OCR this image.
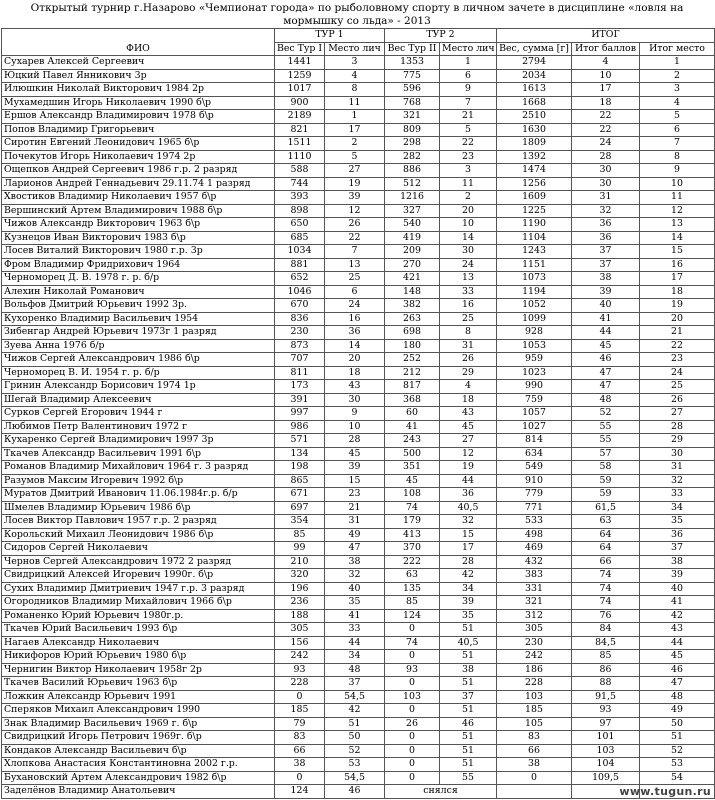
Открытый турнир г.Назарово «Чемпионат города» по рыболовному спорту в личном зачете в дисциплине «ловля на мормышку со льда» - 2013
ФИО	ТУР 1		ТУР 2		ИТОГ		
	Вес Тур I	Место лич	Вес Тур II	Место лич	Вес, сумма [г]	Итог баллов	Итог место
Сухарев Алексей Сергеевич	1441	3	1353	1	2794	4	1
Юцкий Павел Янникович 3р	1259	4	775	6	2034	10	2
Илюшкин Николай Викторович 1984 2р	1017	8	596	9	1613	17	3
Мухамедшин Игорь Николаевич 1990 б\р	900	11	768	7	1668	18	4
Ершов Александр Владимирович 1978 б\р	2189	1	321	21	2510	22	5
Попов Владимир Григорьевич	821	17	809	5	1630	22	6
Сиротин Евгений Леонидович 1965 б\р	1511	2	298	22	1809	24	7
Почекутов Игорь Николаевич 1974 2р	1110	5	282	23	1392	28	8
Ощепков Андрей Сергеевич 1986 г.р. 2 разряд	588	27	886	3	1474	30	9
Ларионов Андрей Геннадьевич 29.11.74 1 разряд	744	19	512	11	1256	30	10
Хвостиков Владимир Николаевич 1957 б\р	393	39	1216	2	1609	31	11
Вершинский Артем Владимирович 1988 б\р	898	12	327	20	1225	32	12
Чижов Александр Викторович 1963 б\р	650	26	540	10	1190	36	13
Кузнецов Иван Викторович 1983 б\р	685	22	419	14	1104	36	14
Лосев Виталий Викторович 1980 г.р. 3р	1034	7	209	30	1243	37	15
Фром Владимир Фридрихович 1964	881	13	270	24	1151	37	16
Черноморец Д. В. 1978 г. р. б/р	652	25	421	13	1073	38	17
Алехин Николай Романович	1046	6	148	33	1194	39	18
Вольфов Дмитрий Юрьевич 1992 3р.	670	24	382	16	1052	40	19
Кухоренко Владимир Васильевич 1954	836	16	263	25	1099	41	20
Зибенгар Андрей Юрьевич 1973г 1 разряд	230	36	698	8	928	44	21
Зуева Анна 1976 б/р	873	14	180	31	1053	45	22
Чижов Сергей Александрович 1986 б\р	707	20	252	26	959	46	23
Черноморец В. И. 1954 г. р. б/р	811	18	212	29	1023	47	24
Гринин Александр Борисович 1974 1р	173	43	817	4	990	47	25
Шегай Владимир Алексеевич	391	30	368	18	759	48	26
Сурков Сергей Егорович 1944 г	997	9	60	43	1057	52	27
Любимов Петр Валентинович 1972 г	986	10	41	45	1027	55	28
Кухаренко Сергей Владимирович 1997 3р	571	28	243	27	814	55	29
Ткачев Александр Васильевич 1991 б\р	134	45	500	12	634	57	30
Романов Владимир Михайлович 1964 г. 3 разряд	198	39	351	19	549	58	31
Разумов Максим Игоревич 1992 б\р	865	15	45	44	910	59	32
Муратов Дмитрий Иванович 11.06.1984г.р. б/р	671	23	108	36	779	59	33
Шмелев Владимир Юрьевич 1986 б\р	697	21	74	40,5	771	61,5	34
Лосев Виктор Павлович 1957 г.р. 2 разряд	354	31	179	32	533	63	35
Корольский Михаил Леонидович 1986 б\р	85	49	413	15	498	64	36
Сидоров Сергей Николаевич	99	47	370	17	469	64	37
Чернов Сергей Александрович 1972 2 разряд	210	38	222	28	432	66	38
Свидрицкий Алексей Игоревич 1990г. б\р	320	32	63	42	383	74	39
Сухих Владимир Дмитриевич 1947 г.р. 3 разряд	196	40	135	34	331	74	40
Огородников Владимир Михайлович 1966 б\р	236	35	85	39	321	74	41
Романенко Юрий Юрьевич 1980г.р.	188	41	124	35	312	76	42
Ткачев Юрий Васильевич 1993 б\р	305	33	0	51	305	84	43
Нагаев Александр Николаевич	156	44	74	40,5	230	84,5	44
Никифоров Юрий Юрьевич 1980 б\р	242	34	0	51	242	85	45
Чернигин Виктор Николаевич 1958г 2р	93	48	93	38	186	86	46
Ткачев Василий Юрьевич 1963 б\р	228	37	0	51	228	88	47
Ложкин Александр Юрьевич 1991	0	54,5	103	37	103	91,5	48
Сперяков Михаил Александрович 1990	185	42	0	51	185	93	49
Знак Владимир Васильевич 1969 г. б\р	79	51	26	46	105	97	50
Свидрицкий Игорь Петрович 1969г. б\р	83	50	0	51	83	101	51
Кондаков Александр Васильевич б\р	66	52	0	51	66	103	52
Хлопкова Анастасия Константиновна 2002 г.р.	38	53	0	51	38	104	53
Бухановский Артем Александрович 1982 б\р	0	54,5	0	55	0	109,5	54
Заделёнов Владимир Анатольевич	124	46	снялся					www.tugun.ru
